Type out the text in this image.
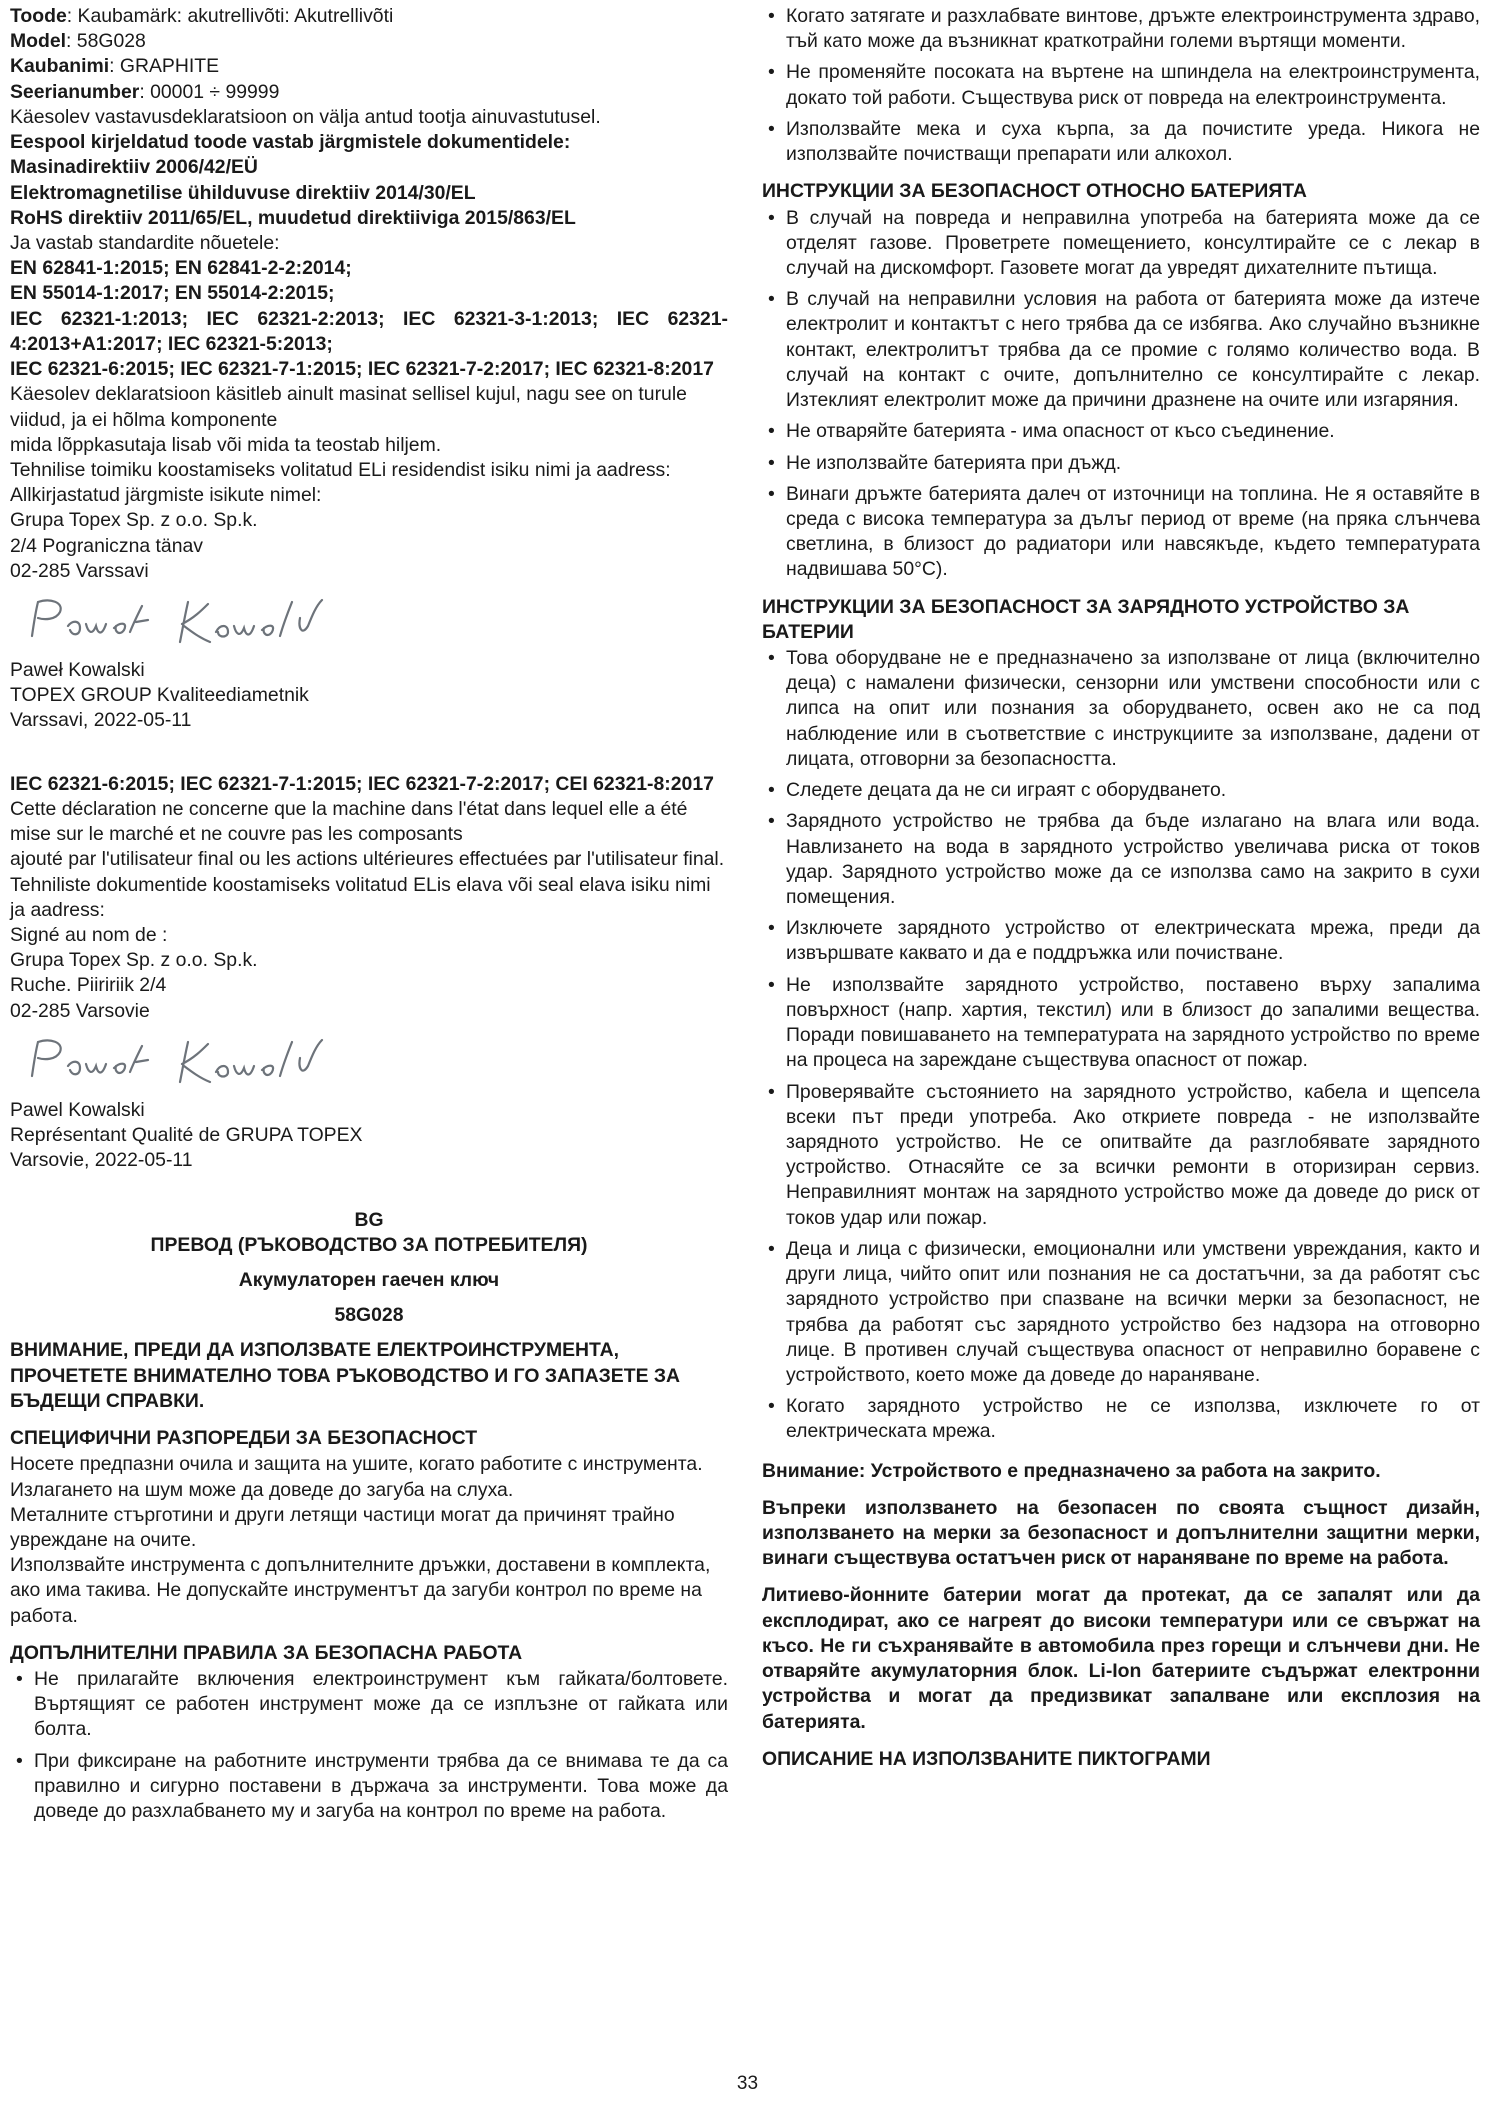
Toode: Kaubamärk: akutrellivõti: Akutrellivõti

Model: 58G028

Kaubanimi: GRAPHITE

Seerianumber: 00001 ÷ 99999

Käesolev vastavusdeklaratsioon on välja antud tootja ainuvastutusel.

Eespool kirjeldatud toode vastab järgmistele dokumentidele:

Masinadirektiiv 2006/42/EÜ

Elektromagnetilise ühilduvuse direktiiv 2014/30/EL

RoHS direktiiv 2011/65/EL, muudetud direktiiviga 2015/863/EL

Ja vastab standardite nõuetele:

EN 62841-1:2015; EN 62841-2-2:2014;

EN 55014-1:2017; EN 55014-2:2015;

IEC 62321-1:2013; IEC 62321-2:2013; IEC 62321-3-1:2013; IEC 62321-4:2013+A1:2017; IEC 62321-5:2013;

IEC 62321-6:2015; IEC 62321-7-1:2015; IEC 62321-7-2:2017; IEC 62321-8:2017

Käesolev deklaratsioon käsitleb ainult masinat sellisel kujul, nagu see on turule viidud, ja ei hõlma komponente

mida lõppkasutaja lisab või mida ta teostab hiljem.

Tehnilise toimiku koostamiseks volitatud ELi residendist isiku nimi ja aadress:

Allkirjastatud järgmiste isikute nimel:

Grupa Topex Sp. z o.o. Sp.k.

2/4 Pograniczna tänav

02-285 Varssavi

Paweł Kowalski

TOPEX GROUP Kvaliteediametnik

Varssavi, 2022-05-11

IEC 62321-6:2015; IEC 62321-7-1:2015; IEC 62321-7-2:2017; CEI 62321-8:2017

Cette déclaration ne concerne que la machine dans l'état dans lequel elle a été mise sur le marché et ne couvre pas les composants

ajouté par l'utilisateur final ou les actions ultérieures effectuées par l'utilisateur final.

Tehniliste dokumentide koostamiseks volitatud ELis elava või seal elava isiku nimi ja aadress:

Signé au nom de :

Grupa Topex Sp. z o.o. Sp.k.

Ruche. Piiririik 2/4

02-285 Varsovie

Pawel Kowalski

Représentant Qualité de GRUPA TOPEX

Varsovie, 2022-05-11

BG

ПРЕВОД (РЪКОВОДСТВО ЗА ПОТРЕБИТЕЛЯ)

Акумулаторен гаечен ключ

58G028

ВНИМАНИЕ, ПРЕДИ ДА ИЗПОЛЗВАТЕ ЕЛЕКТРОИНСТРУМЕНТА, ПРОЧЕТЕТЕ ВНИМАТЕЛНО ТОВА РЪКОВОДСТВО И ГО ЗАПАЗЕТЕ ЗА БЪДЕЩИ СПРАВКИ.

СПЕЦИФИЧНИ РАЗПОРЕДБИ ЗА БЕЗОПАСНОСТ

Носете предпазни очила и защита на ушите, когато работите с инструмента. Излагането на шум може да доведе до загуба на слуха.

Металните стърготини и други летящи частици могат да причинят трайно увреждане на очите.

Използвайте инструмента с допълнителните дръжки, доставени в комплекта, ако има такива. Не допускайте инструментът да загуби контрол по време на работа.

ДОПЪЛНИТЕЛНИ ПРАВИЛА ЗА БЕЗОПАСНА РАБОТА

• Не прилагайте включения електроинструмент към гайката/болтовете. Въртящият се работен инструмент може да се изплъзне от гайката или болта.
• При фиксиране на работните инструменти трябва да се внимава те да са правилно и сигурно поставени в държача за инструменти. Това може да доведе до разхлабването му и загуба на контрол по време на работа.
• Когато затягате и разхлабвате винтове, дръжте електроинструмента здраво, тъй като може да възникнат краткотрайни големи въртящи моменти.
• Не променяйте посоката на въртене на шпиндела на електроинструмента, докато той работи. Съществува риск от повреда на електроинструмента.
• Използвайте мека и суха кърпа, за да почистите уреда. Никога не използвайте почистващи препарати или алкохол.

ИНСТРУКЦИИ ЗА БЕЗОПАСНОСТ ОТНОСНО БАТЕРИЯТА

• В случай на повреда и неправилна употреба на батерията може да се отделят газове. Проветрете помещението, консултирайте се с лекар в случай на дискомфорт. Газовете могат да увредят дихателните пътища.
• В случай на неправилни условия на работа от батерията може да изтече електролит и контактът с него трябва да се избягва. Ако случайно възникне контакт, електролитът трябва да се промие с голямо количество вода. В случай на контакт с очите, допълнително се консултирайте с лекар. Изтеклият електролит може да причини дразнене на очите или изгаряния.
• Не отваряйте батерията - има опасност от късо съединение.
• Не използвайте батерията при дъжд.
• Винаги дръжте батерията далеч от източници на топлина. Не я оставяйте в среда с висока температура за дълъг период от време (на пряка слънчева светлина, в близост до радиатори или навсякъде, където температурата надвишава 50°C).

ИНСТРУКЦИИ ЗА БЕЗОПАСНОСТ ЗА ЗАРЯДНОТО УСТРОЙСТВО ЗА БАТЕРИИ

• Това оборудване не е предназначено за използване от лица (включително деца) с намалени физически, сензорни или умствени способности или с липса на опит или познания за оборудването, освен ако не са под наблюдение или в съответствие с инструкциите за използване, дадени от лицата, отговорни за безопасността.
• Следете децата да не си играят с оборудването.
• Зарядното устройство не трябва да бъде излагано на влага или вода. Навлизането на вода в зарядното устройство увеличава риска от токов удар. Зарядното устройство може да се използва само на закрито в сухи помещения.
• Изключете зарядното устройство от електрическата мрежа, преди да извършвате каквато и да е поддръжка или почистване.
• Не използвайте зарядното устройство, поставено върху запалима повърхност (напр. хартия, текстил) или в близост до запалими вещества. Поради повишаването на температурата на зарядното устройство по време на процеса на зареждане съществува опасност от пожар.
• Проверявайте състоянието на зарядното устройство, кабела и щепсела всеки път преди употреба. Ако откриете повреда - не използвайте зарядното устройство. Не се опитвайте да разглобявате зарядното устройство. Отнасяйте се за всички ремонти в оторизиран сервиз. Неправилният монтаж на зарядното устройство може да доведе до риск от токов удар или пожар.
• Деца и лица с физически, емоционални или умствени увреждания, както и други лица, чийто опит или познания не са достатъчни, за да работят със зарядното устройство при спазване на всички мерки за безопасност, не трябва да работят със зарядното устройство без надзора на отговорно лице. В противен случай съществува опасност от неправилно боравене с устройството, което може да доведе до нараняване.
• Когато зарядното устройство не се използва, изключете го от електрическата мрежа.

Внимание: Устройството е предназначено за работа на закрито.

Въпреки използването на безопасен по своята същност дизайн, използването на мерки за безопасност и допълнителни защитни мерки, винаги съществува остатъчен риск от нараняване по време на работа.

Литиево-йонните батерии могат да протекат, да се запалят или да експлодират, ако се нагреят до високи температури или се свържат на късо. Не ги съхранявайте в автомобила през горещи и слънчеви дни. Не отваряйте акумулаторния блок. Li-Ion батериите съдържат електронни устройства и могат да предизвикат запалване или експлозия на батерията.

ОПИСАНИЕ НА ИЗПОЛЗВАНИТЕ ПИКТОГРАМИ

33
